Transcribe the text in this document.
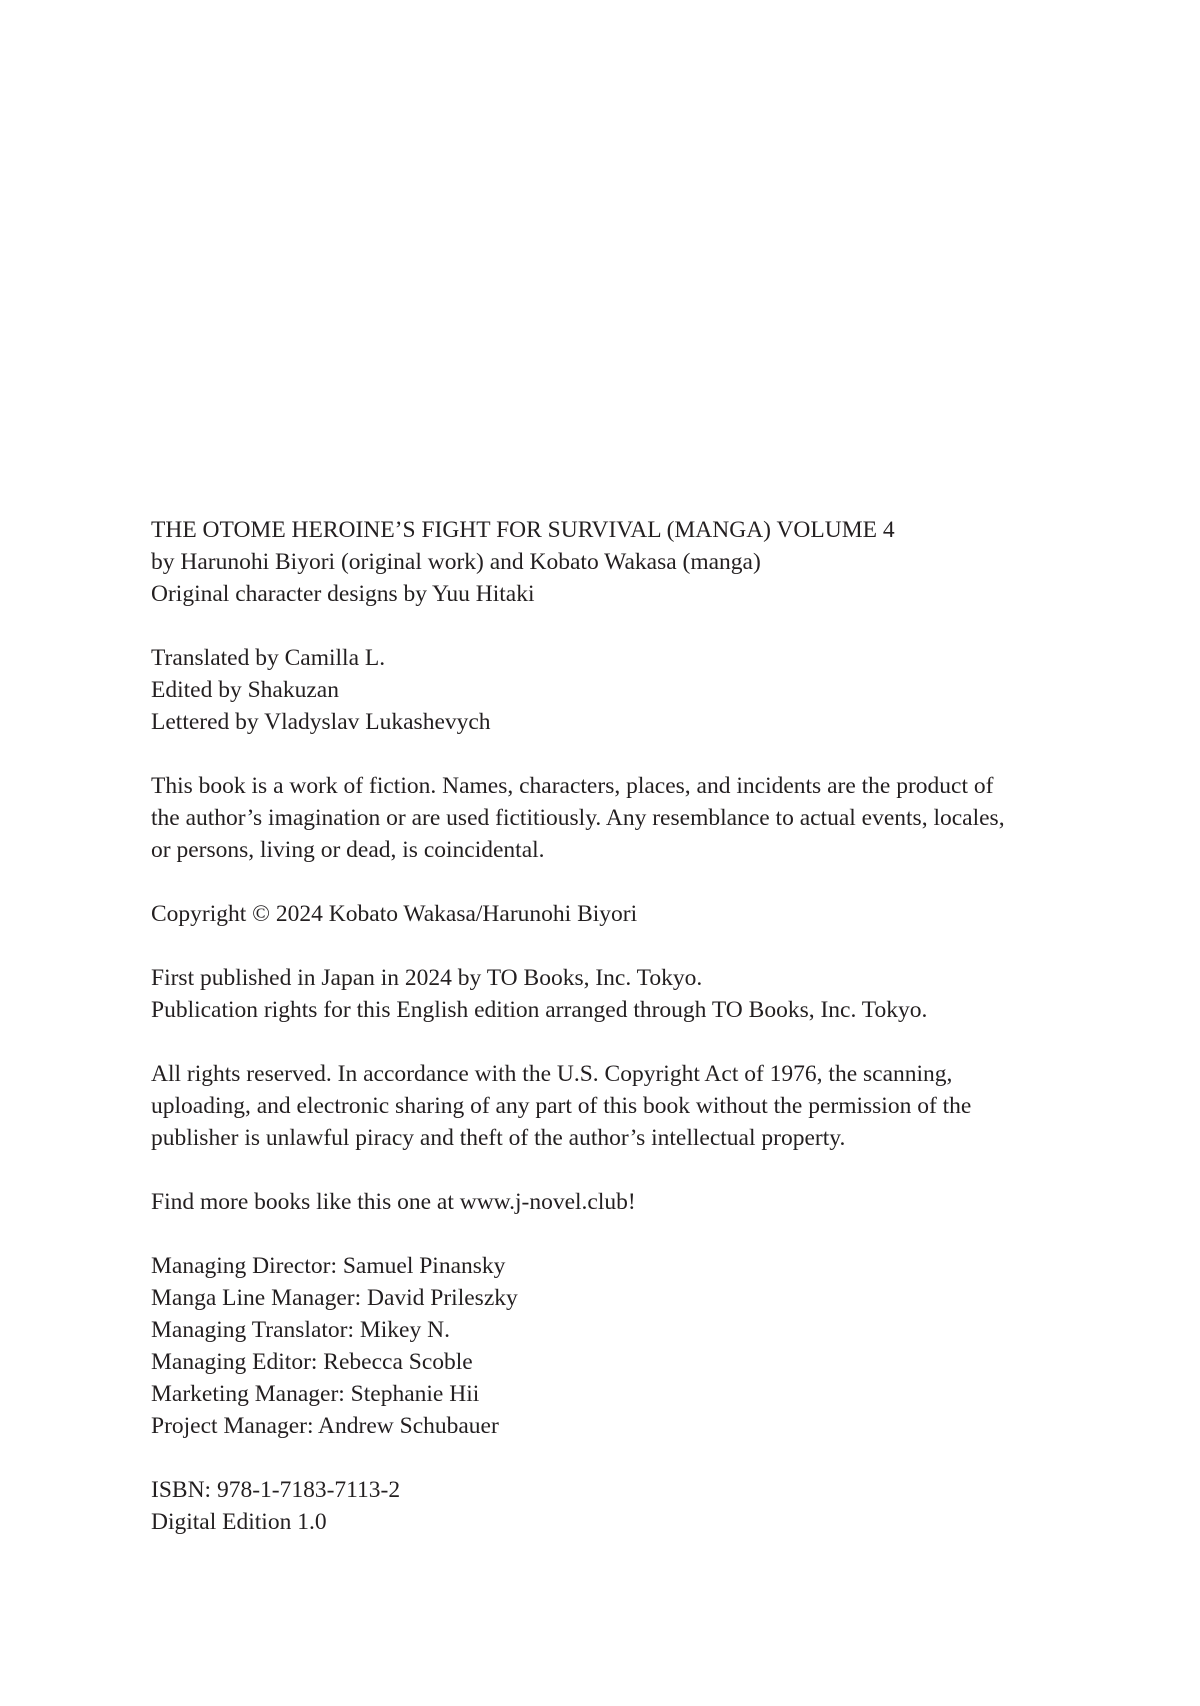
THE OTOME HEROINE’S FIGHT FOR SURVIVAL (MANGA) VOLUME 4
by Harunohi Biyori (original work) and Kobato Wakasa (manga)
Original character designs by Yuu Hitaki
Translated by Camilla L.
Edited by Shakuzan
Lettered by Vladyslav Lukashevych
This book is a work of fiction. Names, characters, places, and incidents are the product of
the author’s imagination or are used fictitiously. Any resemblance to actual events, locales,
or persons, living or dead, is coincidental.
Copyright © 2024 Kobato Wakasa/Harunohi Biyori
First published in Japan in 2024 by TO Books, Inc. Tokyo.
Publication rights for this English edition arranged through TO Books, Inc. Tokyo.
All rights reserved. In accordance with the U.S. Copyright Act of 1976, the scanning,
uploading, and electronic sharing of any part of this book without the permission of the
publisher is unlawful piracy and theft of the author’s intellectual property.
Find more books like this one at www.j-novel.club!
Managing Director: Samuel Pinansky
Manga Line Manager: David Prileszky
Managing Translator: Mikey N.
Managing Editor: Rebecca Scoble
Marketing Manager: Stephanie Hii
Project Manager: Andrew Schubauer
ISBN: 978-1-7183-7113-2
Digital Edition 1.0
